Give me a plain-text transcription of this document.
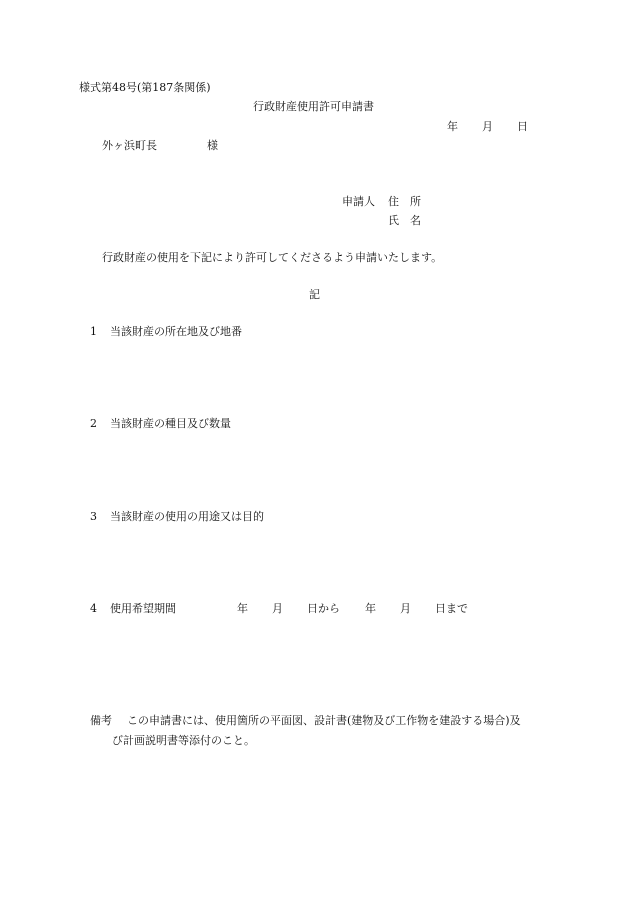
様式第48号(第187条関係)
行政財産使用許可申請書
年 月 日
外ヶ浜町長	様
申請人 住　所
氏　名
行政財産の使用を下記により許可してくださるよう申請いたします。
記
1 当該財産の所在地及び地番
2 当該財産の種目及び数量
3 当該財産の使用の用途又は目的
4 使用希望期間	年 月 日から 年 月 日まで
備考 この申請書には、使用箇所の平面図、設計書(建物及び工作物を建設する場合)及
び計画説明書等添付のこと。
